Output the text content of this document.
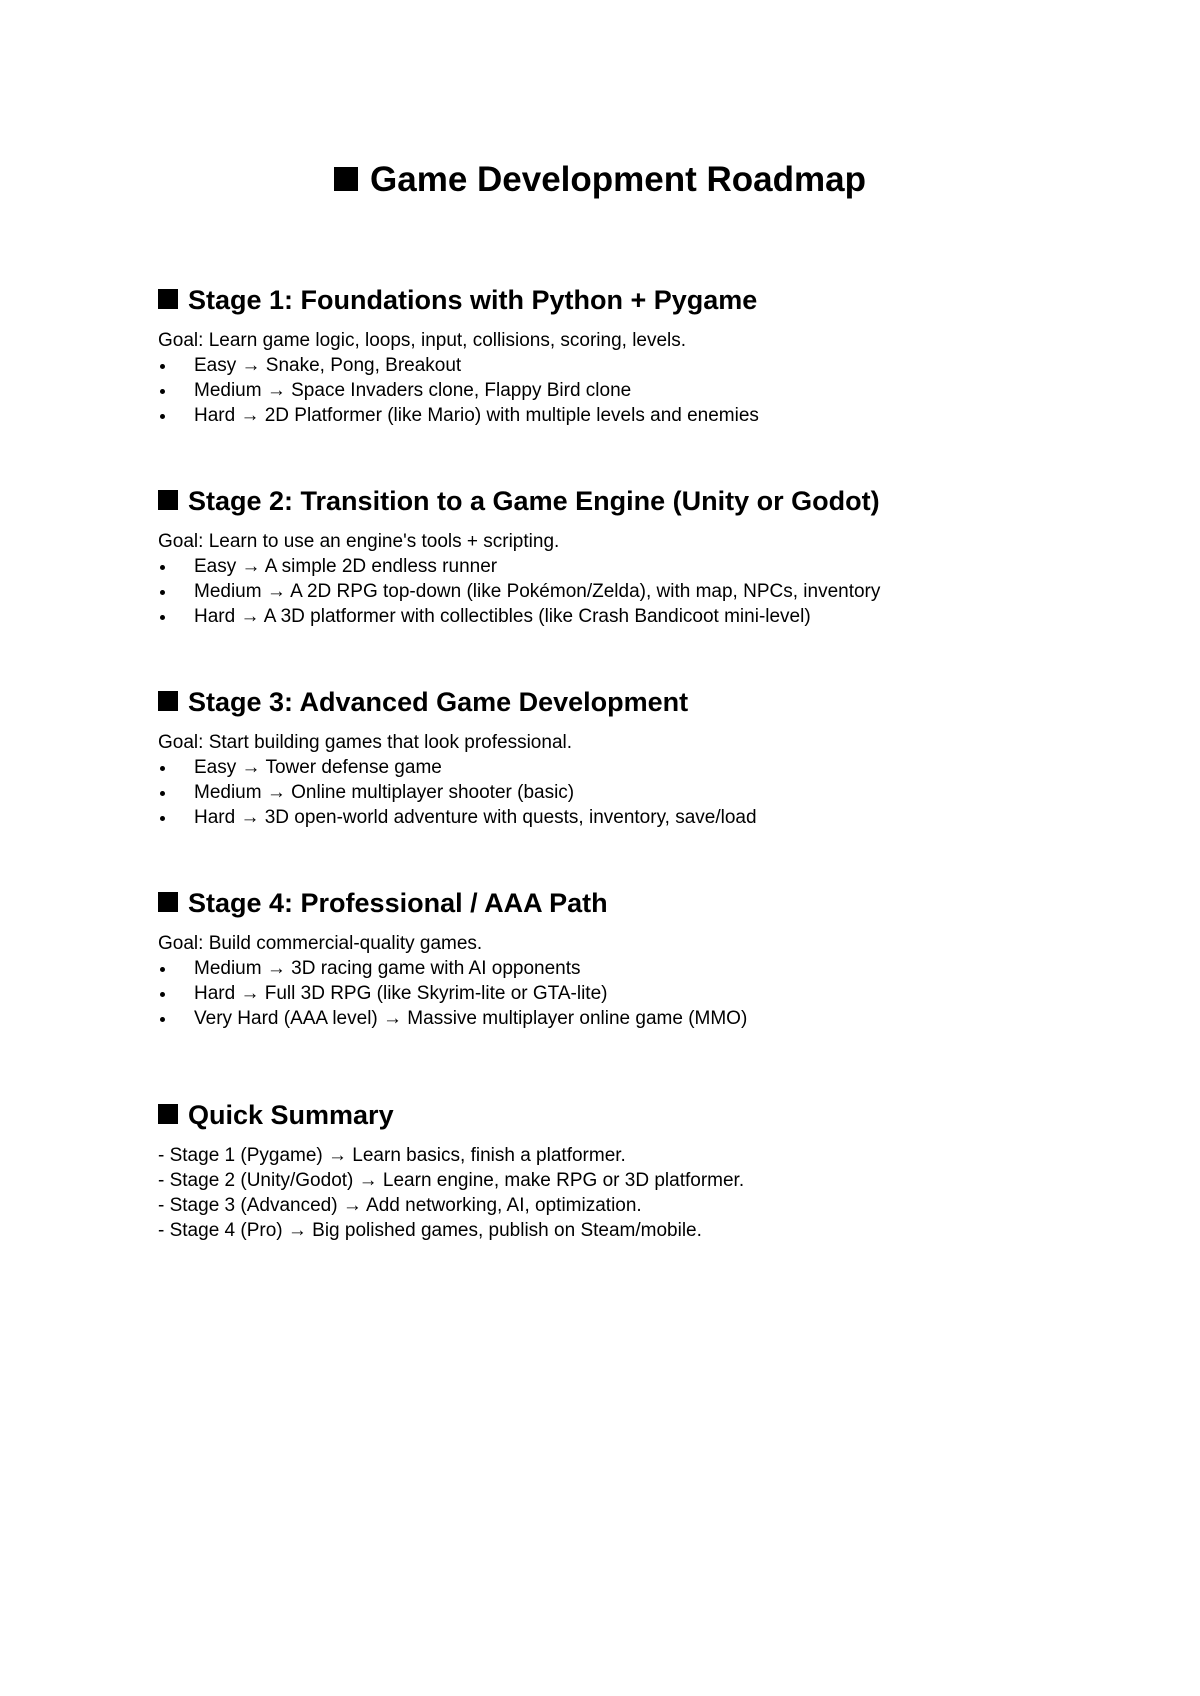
Game Development Roadmap
Stage 1: Foundations with Python + Pygame

Goal: Learn game logic, loops, input, collisions, scoring, levels.

Easy → Snake, Pong, Breakout
Medium → Space Invaders clone, Flappy Bird clone
Hard → 2D Platformer (like Mario) with multiple levels and enemies
Stage 2: Transition to a Game Engine (Unity or Godot)

Goal: Learn to use an engine's tools + scripting.

Easy → A simple 2D endless runner
Medium → A 2D RPG top-down (like Pokémon/Zelda), with map, NPCs, inventory
Hard → A 3D platformer with collectibles (like Crash Bandicoot mini-level)
Stage 3: Advanced Game Development

Goal: Start building games that look professional.

Easy → Tower defense game
Medium → Online multiplayer shooter (basic)
Hard → 3D open-world adventure with quests, inventory, save/load
Stage 4: Professional / AAA Path

Goal: Build commercial-quality games.

Medium → 3D racing game with AI opponents
Hard → Full 3D RPG (like Skyrim-lite or GTA-lite)
Very Hard (AAA level) → Massive multiplayer online game (MMO)
Quick Summary
- Stage 1 (Pygame) → Learn basics, finish a platformer.
- Stage 2 (Unity/Godot) → Learn engine, make RPG or 3D platformer.
- Stage 3 (Advanced) → Add networking, AI, optimization.
- Stage 4 (Pro) → Big polished games, publish on Steam/mobile.
